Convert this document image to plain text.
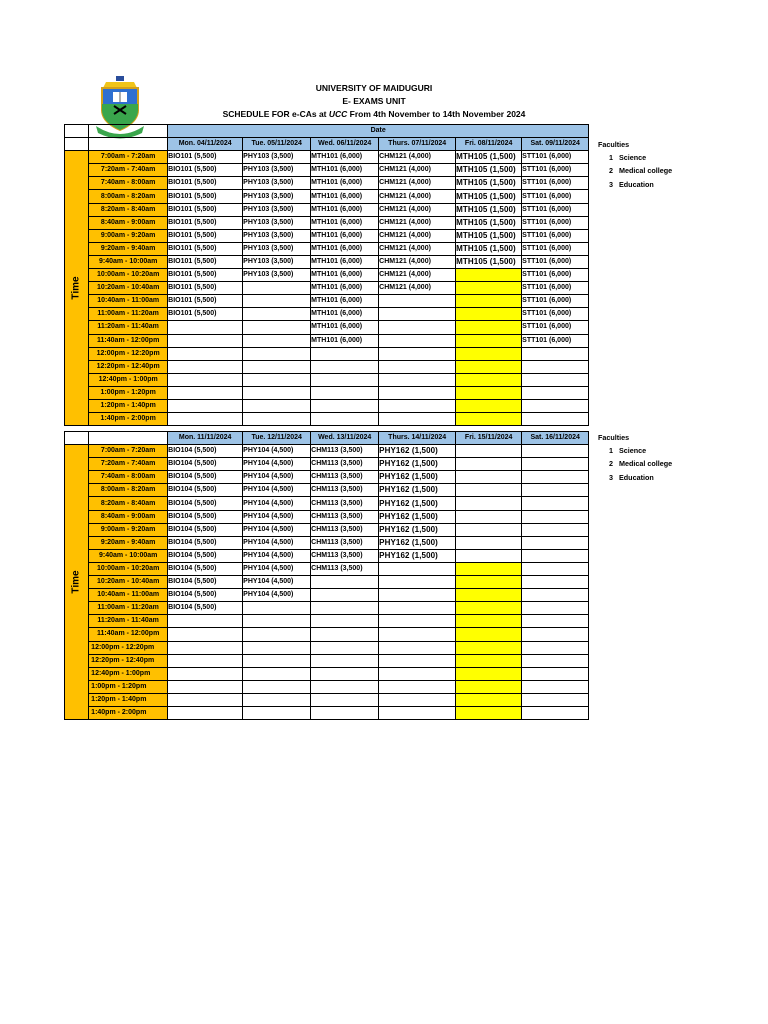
UNIVERSITY OF MAIDUGURI
E- EXAMS UNIT
SCHEDULE FOR e-CAs at UCC From 4th November to 14th November 2024
		Date					
		Mon. 04/11/2024	Tue. 05/11/2024	Wed. 06/11/2024	Thurs. 07/11/2024	Fri. 08/11/2024	Sat. 09/11/2024
Time	7:00am - 7:20am	BIO101 (5,500)	PHY103 (3,500)	MTH101 (6,000)	CHM121 (4,000)	MTH105 (1,500)	STT101 (6,000)
	7:20am - 7:40am	BIO101 (5,500)	PHY103 (3,500)	MTH101 (6,000)	CHM121 (4,000)	MTH105 (1,500)	STT101 (6,000)
	7:40am - 8:00am	BIO101 (5,500)	PHY103 (3,500)	MTH101 (6,000)	CHM121 (4,000)	MTH105 (1,500)	STT101 (6,000)
	8:00am - 8:20am	BIO101 (5,500)	PHY103 (3,500)	MTH101 (6,000)	CHM121 (4,000)	MTH105 (1,500)	STT101 (6,000)
	8:20am - 8:40am	BIO101 (5,500)	PHY103 (3,500)	MTH101 (6,000)	CHM121 (4,000)	MTH105 (1,500)	STT101 (6,000)
	8:40am - 9:00am	BIO101 (5,500)	PHY103 (3,500)	MTH101 (6,000)	CHM121 (4,000)	MTH105 (1,500)	STT101 (6,000)
	9:00am - 9:20am	BIO101 (5,500)	PHY103 (3,500)	MTH101 (6,000)	CHM121 (4,000)	MTH105 (1,500)	STT101 (6,000)
	9:20am - 9:40am	BIO101 (5,500)	PHY103 (3,500)	MTH101 (6,000)	CHM121 (4,000)	MTH105 (1,500)	STT101 (6,000)
	9:40am - 10:00am	BIO101 (5,500)	PHY103 (3,500)	MTH101 (6,000)	CHM121 (4,000)	MTH105 (1,500)	STT101 (6,000)
	10:00am - 10:20am	BIO101 (5,500)	PHY103 (3,500)	MTH101 (6,000)	CHM121 (4,000)		STT101 (6,000)
	10:20am - 10:40am	BIO101 (5,500)		MTH101 (6,000)	CHM121 (4,000)		STT101 (6,000)
	10:40am - 11:00am	BIO101 (5,500)		MTH101 (6,000)			STT101 (6,000)
	11:00am - 11:20am	BIO101 (5,500)		MTH101 (6,000)			STT101 (6,000)
	11:20am - 11:40am			MTH101 (6,000)			STT101 (6,000)
	11:40am - 12:00pm			MTH101 (6,000)			STT101 (6,000)
	12:00pm - 12:20pm						
	12:20pm - 12:40pm						
	12:40pm - 1:00pm						
	1:00pm - 1:20pm						
	1:20pm - 1:40pm						
	1:40pm - 2:00pm						
		Mon. 11/11/2024	Tue. 12/11/2024	Wed. 13/11/2024	Thurs. 14/11/2024	Fri. 15/11/2024	Sat. 16/11/2024
Time	7:00am - 7:20am	BIO104 (5,500)	PHY104 (4,500)	CHM113 (3,500)	PHY162 (1,500)		
	7:20am - 7:40am	BIO104 (5,500)	PHY104 (4,500)	CHM113 (3,500)	PHY162 (1,500)		
	7:40am - 8:00am	BIO104 (5,500)	PHY104 (4,500)	CHM113 (3,500)	PHY162 (1,500)		
	8:00am - 8:20am	BIO104 (5,500)	PHY104 (4,500)	CHM113 (3,500)	PHY162 (1,500)		
	8:20am - 8:40am	BIO104 (5,500)	PHY104 (4,500)	CHM113 (3,500)	PHY162 (1,500)		
	8:40am - 9:00am	BIO104 (5,500)	PHY104 (4,500)	CHM113 (3,500)	PHY162 (1,500)		
	9:00am - 9:20am	BIO104 (5,500)	PHY104 (4,500)	CHM113 (3,500)	PHY162 (1,500)		
	9:20am - 9:40am	BIO104 (5,500)	PHY104 (4,500)	CHM113 (3,500)	PHY162 (1,500)		
	9:40am - 10:00am	BIO104 (5,500)	PHY104 (4,500)	CHM113 (3,500)	PHY162 (1,500)		
	10:00am - 10:20am	BIO104 (5,500)	PHY104 (4,500)	CHM113 (3,500)			
	10:20am - 10:40am	BIO104 (5,500)	PHY104 (4,500)				
	10:40am - 11:00am	BIO104 (5,500)	PHY104 (4,500)				
	11:00am - 11:20am	BIO104 (5,500)					
	11:20am - 11:40am						
	11:40am - 12:00pm						
	12:00pm - 12:20pm						
	12:20pm - 12:40pm						
	12:40pm - 1:00pm						
	1:00pm - 1:20pm						
	1:20pm - 1:40pm						
	1:40pm - 2:00pm						
Faculties
1 Science
2 Medical college
3 Education
Faculties
1 Science
2 Medical college
3 Education
